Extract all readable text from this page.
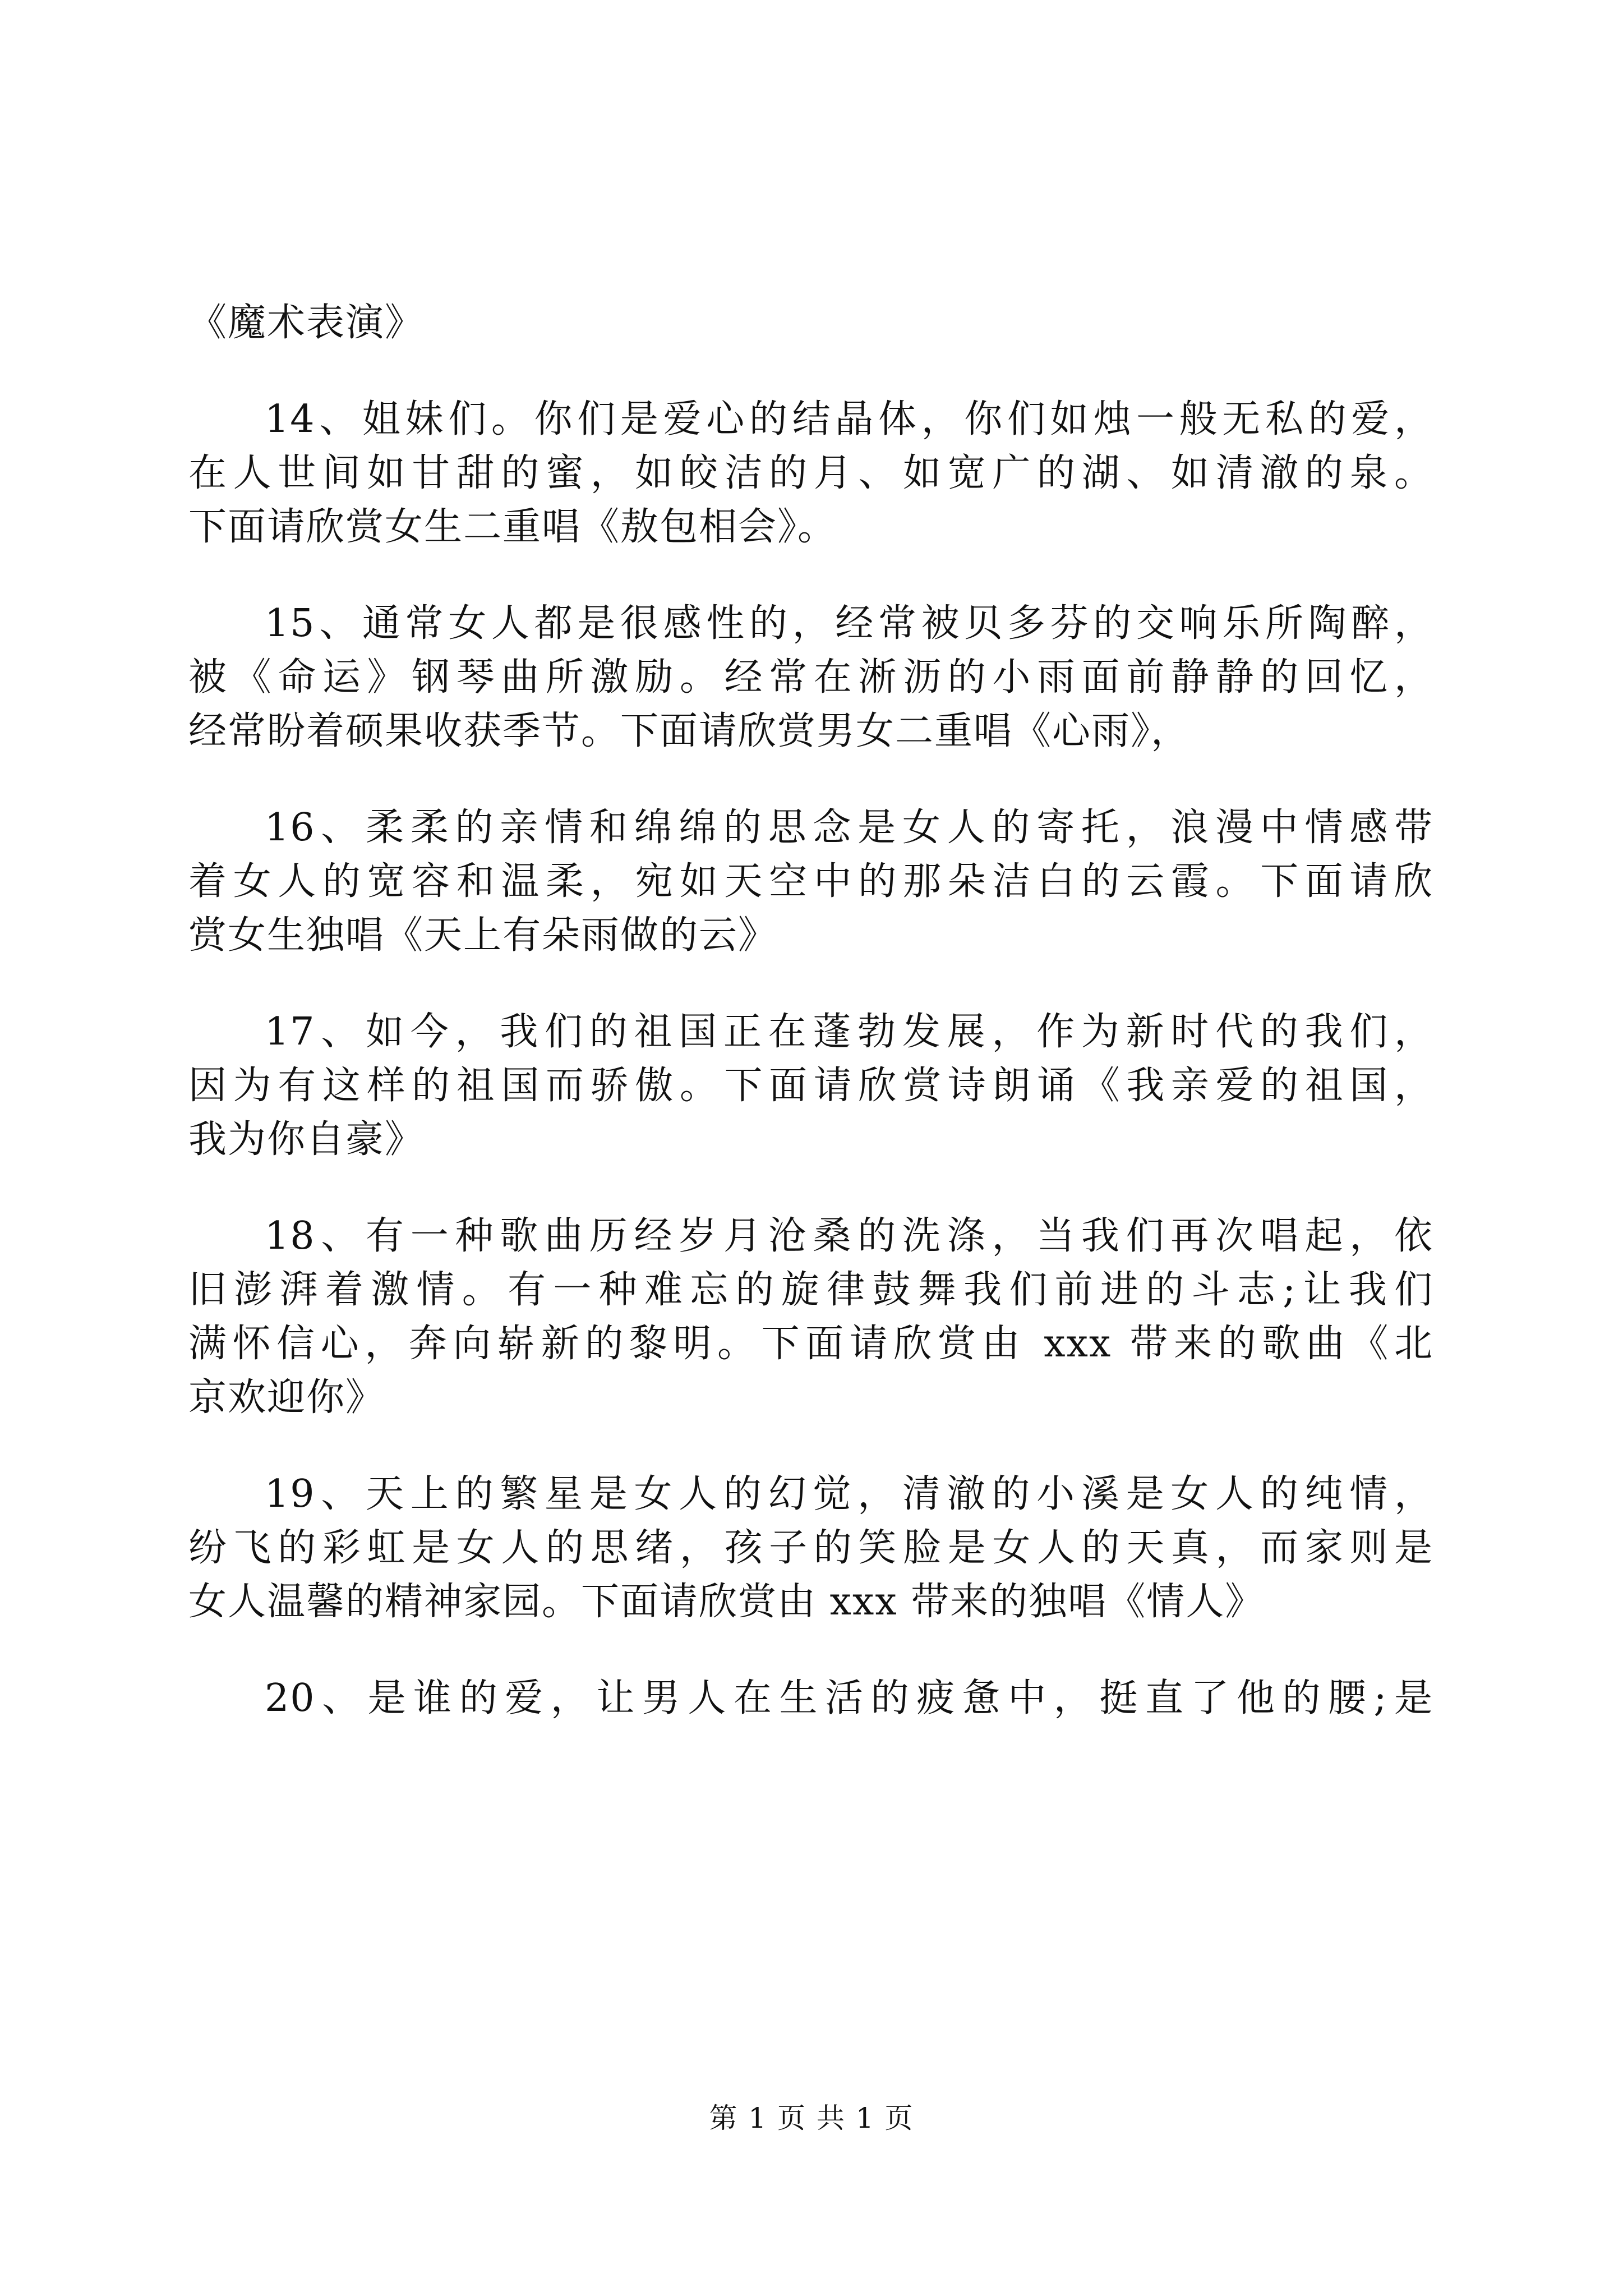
《魔术表演》

14、姐妹们。你们是爱心的结晶体，你们如烛一般无私的爱，

在人世间如甘甜的蜜，如皎洁的月、如宽广的湖、如清澈的泉。

下面请欣赏女生二重唱《敖包相会》。

15、通常女人都是很感性的，经常被贝多芬的交响乐所陶醉，

被《命运》钢琴曲所激励。经常在淅沥的小雨面前静静的回忆，

经常盼着硕果收获季节。下面请欣赏男女二重唱《心雨》，

16、柔柔的亲情和绵绵的思念是女人的寄托，浪漫中情感带

着女人的宽容和温柔，宛如天空中的那朵洁白的云霞。下面请欣

赏女生独唱《天上有朵雨做的云》

17、如今，我们的祖国正在蓬勃发展，作为新时代的我们，

因为有这样的祖国而骄傲。下面请欣赏诗朗诵《我亲爱的祖国，

我为你自豪》

18、有一种歌曲历经岁月沧桑的洗涤，当我们再次唱起，依

旧澎湃着激情。有一种难忘的旋律鼓舞我们前进的斗志;让我们

满怀信心，奔向崭新的黎明。下面请欣赏由 xxx 带来的歌曲《北

京欢迎你》

19、天上的繁星是女人的幻觉，清澈的小溪是女人的纯情，

纷飞的彩虹是女人的思绪，孩子的笑脸是女人的天真，而家则是

女人温馨的精神家园。下面请欣赏由 xxx 带来的独唱《情人》

20、是谁的爱，让男人在生活的疲惫中，挺直了他的腰;是

第 1 页 共 1 页
